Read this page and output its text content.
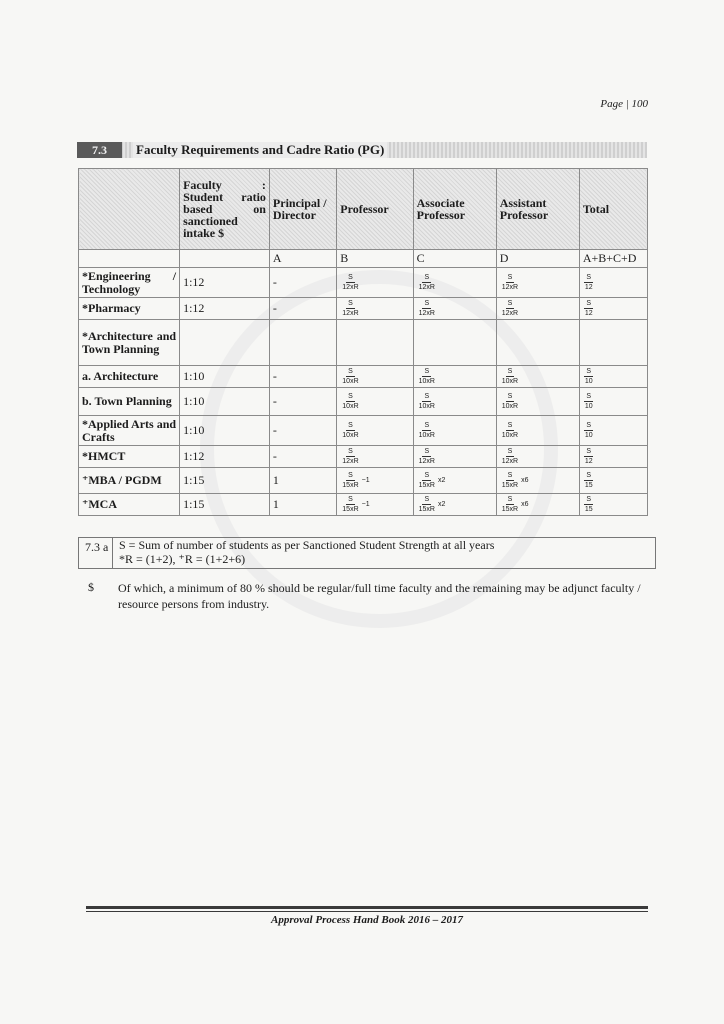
Page | 100
7.3	Faculty Requirements and Cadre Ratio (PG)
	Faculty : Student ratio based on sanctioned intake $	Principal / Director	Professor	Associate Professor	Assistant Professor	Total
		A	B	C	D	A+B+C+D
*Engineering / Technology	1:12	-	$\frac{S}{12xR}$	$\frac{S}{12xR}$	$\frac{S}{12xR}$	$\frac{S}{12}$

*Pharmacy	1:12	-	$\frac{S}{12xR}$	$\frac{S}{12xR}$	$\frac{S}{12xR}$	$\frac{S}{12}$

*Architecture and Town Planning						
a. Architecture	1:10	-	$\frac{S}{10xR}$	$\frac{S}{10xR}$	$\frac{S}{10xR}$	$\frac{S}{10}$

b. Town Planning	1:10	-	$\frac{S}{10xR}$	$\frac{S}{10xR}$	$\frac{S}{10xR}$	$\frac{S}{10}$

*Applied Arts and Crafts	1:10	-	$\frac{S}{10xR}$	$\frac{S}{10xR}$	$\frac{S}{10xR}$	$\frac{S}{10}$

*HMCT	1:12	-	$\frac{S}{12xR}$	$\frac{S}{12xR}$	$\frac{S}{12xR}$	$\frac{S}{12}$

⁺MBA / PGDM	1:15	1	$\frac{S}{15xR} -1$	$\frac{S}{15xR} x2$	$\frac{S}{15xR} x6$	$\frac{S}{15}$

⁺MCA	1:15	1	$\frac{S}{15xR} -1$	$\frac{S}{15xR} x2$	$\frac{S}{15xR} x6$	$\frac{S}{15}$
7.3 a S = Sum of number of students as per Sanctioned Student Strength at all years
*R = (1+2), ⁺R = (1+2+6)
$ Of which, a minimum of 80 % should be regular/full time faculty and the remaining may be adjunct faculty / resource persons from industry.
Approval Process Hand Book 2016 – 2017
